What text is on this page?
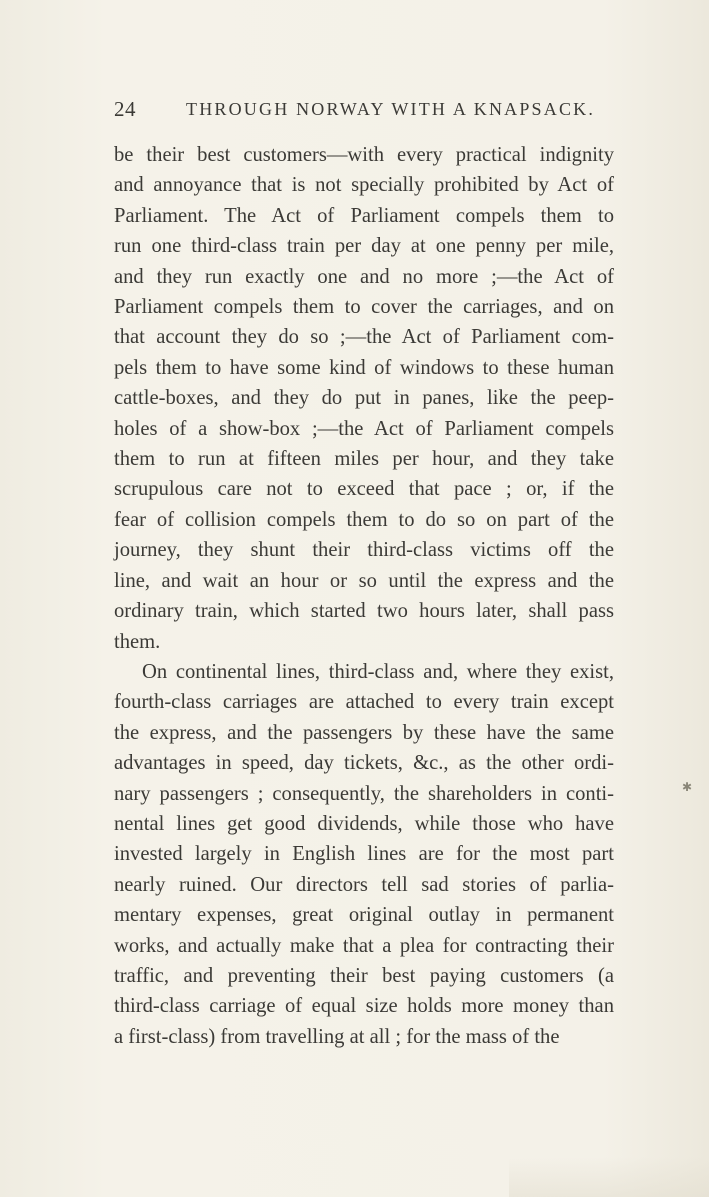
24	THROUGH NORWAY WITH A KNAPSACK.
be their best customers—with every practical indignity
and annoyance that is not specially prohibited by Act of
Parliament. The Act of Parliament compels them to
run one third-class train per day at one penny per mile,
and they run exactly one and no more ;—the Act of
Parliament compels them to cover the carriages, and on
that account they do so ;—the Act of Parliament com-
pels them to have some kind of windows to these human
cattle-boxes, and they do put in panes, like the peep-
holes of a show-box ;—the Act of Parliament compels
them to run at fifteen miles per hour, and they take
scrupulous care not to exceed that pace ; or, if the
fear of collision compels them to do so on part of the
journey, they shunt their third-class victims off the
line, and wait an hour or so until the express and the
ordinary train, which started two hours later, shall pass
them.
On continental lines, third-class and, where they exist,
fourth-class carriages are attached to every train except
the express, and the passengers by these have the same
advantages in speed, day tickets, &c., as the other ordi-
nary passengers ; consequently, the shareholders in conti-
nental lines get good dividends, while those who have
invested largely in English lines are for the most part
nearly ruined. Our directors tell sad stories of parlia-
mentary expenses, great original outlay in permanent
works, and actually make that a plea for contracting their
traffic, and preventing their best paying customers (a
third-class carriage of equal size holds more money than
a first-class) from travelling at all ; for the mass of the
✱
